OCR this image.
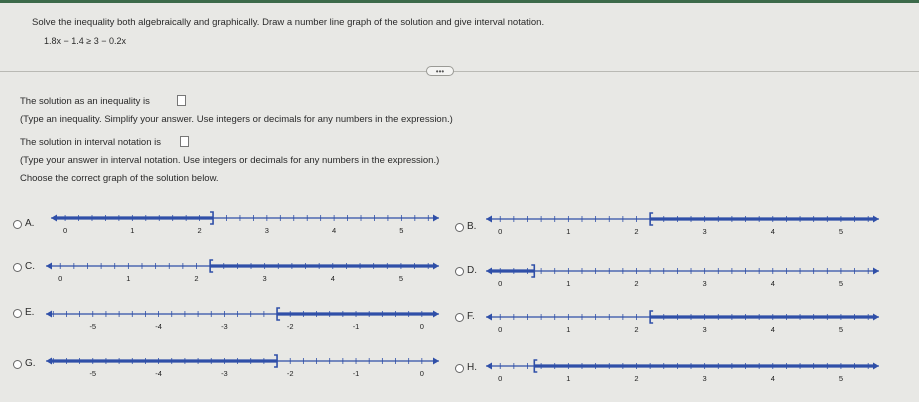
Solve the inequality both algebraically and graphically. Draw a number line graph of the solution and give interval notation.
1.8x − 1.4 ≥ 3 − 0.2x
•••
The solution as an inequality is
(Type an inequality. Simplify your answer. Use integers or decimals for any numbers in the expression.)
The solution in interval notation is
(Type your answer in interval notation. Use integers or decimals for any numbers in the expression.)
Choose the correct graph of the solution below.
A.
0	1	2	3	4	5	B.	0	1	2	3	4	5
C.
0	1	2	3	4	5
D.
0	1	2	3	4	5
E.
-5	-4	-3	-2	-1	0
F.
0	1	2	3	4	5
G.
-5	-4	-3	-2	-1	0
H.
0	1	2	3	4	5
